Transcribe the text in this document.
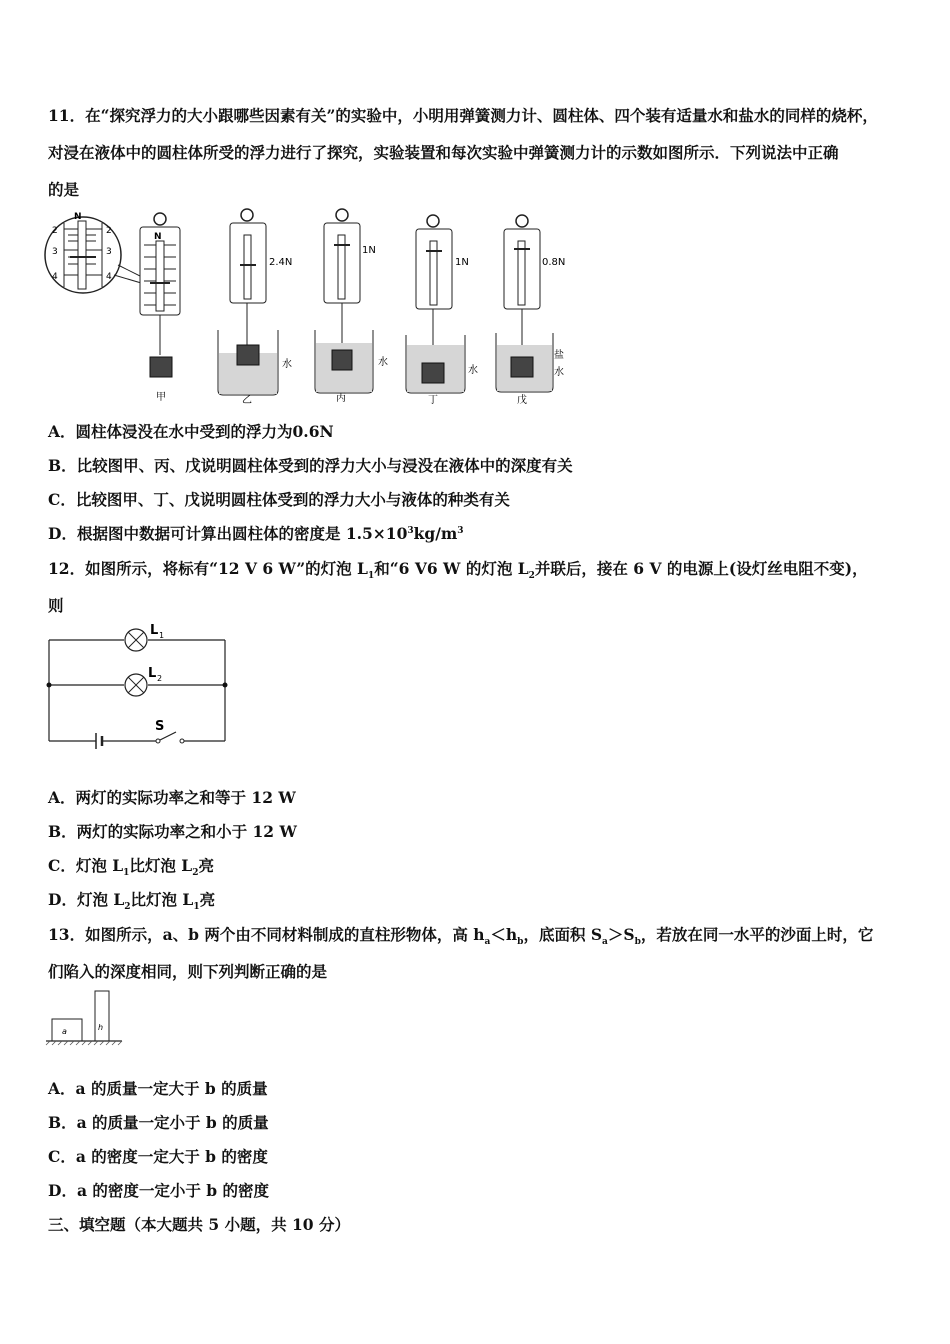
11．在“探究浮力的大小跟哪些因素有关”的实验中，小明用弹簧测力计、圆柱体、四个装有适量水和盐水的同样的烧杯，
对浸在液体中的圆柱体所受的浮力进行了探究，实验装置和每次实验中弹簧测力计的示数如图所示．下列说法中正确
的是
N
2	2
3	3
4	4
N
甲
2.4N
水
乙
1N
水
丙
1N
水
丁
0.8N
盐
水
戊
A．圆柱体浸没在水中受到的浮力为0.6N
B．比较图甲、丙、戊说明圆柱体受到的浮力大小与浸没在液体中的深度有关
C．比较图甲、丁、戊说明圆柱体受到的浮力大小与液体的种类有关
D．根据图中数据可计算出圆柱体的密度是 $1.5\times 10^3kg/m^3$
12．如图所示，将标有“12 V 6 W”的灯泡 $L_1$和“6 V6 W 的灯泡 $L_2$并联后，接在 6 V 的电源上(设灯丝电阻不变)，
则
L 1
L 2
S
A．两灯的实际功率之和等于 12 W
B．两灯的实际功率之和小于 12 W
C．灯泡 $L_1$比灯泡 $L_2$亮
D．灯泡 $L_2$比灯泡 $L_1$亮
13．如图所示，a、b 两个由不同材料制成的直柱形物体，高 $h_a<h_b$，底面积 $S_a>S_b$，若放在同一水平的沙面上时，它
们陷入的深度相同，则下列判断正确的是
a	h
A．a 的质量一定大于 b 的质量
B．a 的质量一定小于 b 的质量
C．a 的密度一定大于 b 的密度
D．a 的密度一定小于 b 的密度
三、填空题（本大题共 5 小题，共 10 分）
